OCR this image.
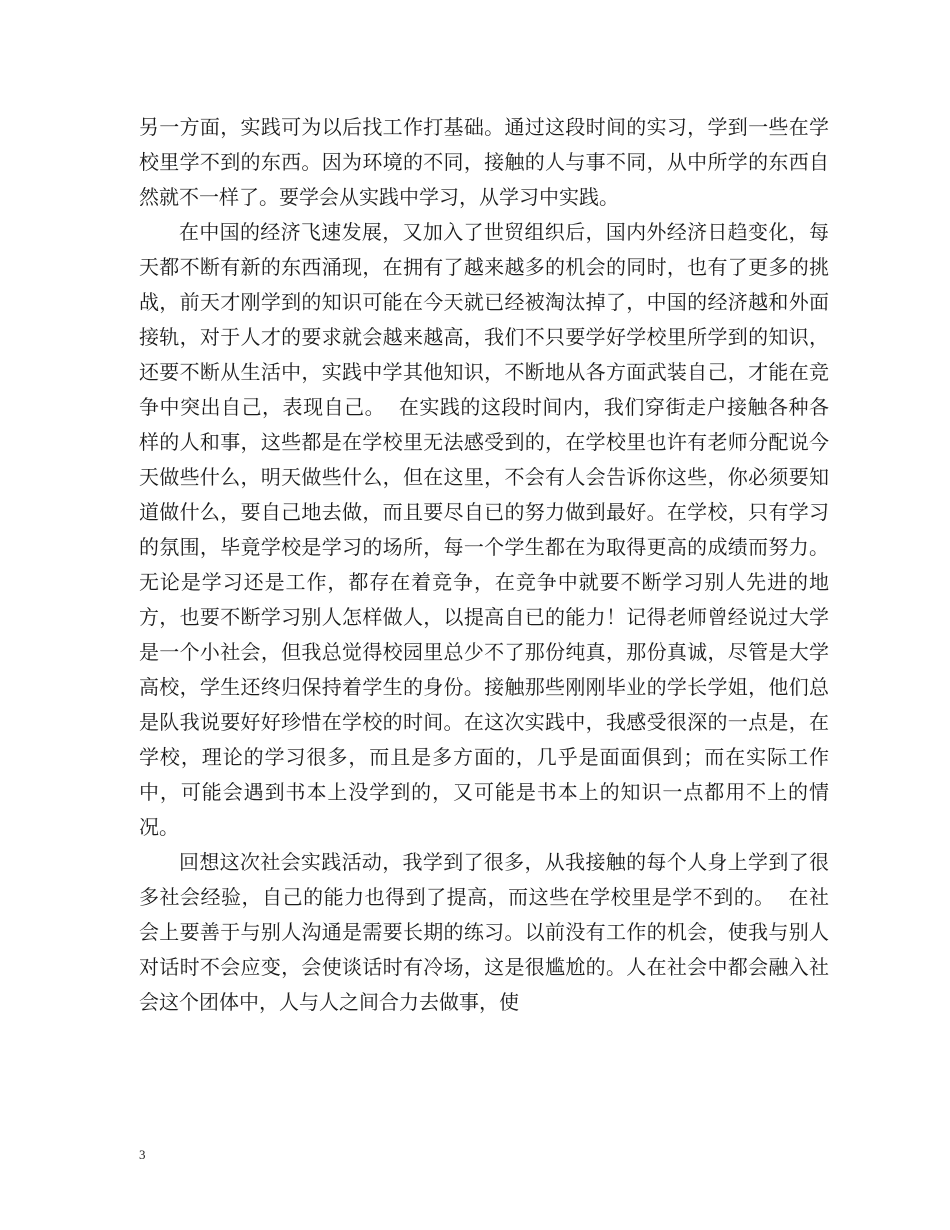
另一方面，实践可为以后找工作打基础。通过这段时间的实习，学到一些在学校里学不到的东西。因为环境的不同，接触的人与事不同，从中所学的东西自然就不一样了。要学会从实践中学习，从学习中实践。

在中国的经济飞速发展，又加入了世贸组织后，国内外经济日趋变化，每天都不断有新的东西涌现，在拥有了越来越多的机会的同时，也有了更多的挑战，前天才刚学到的知识可能在今天就已经被淘汰掉了，中国的经济越和外面接轨，对于人才的要求就会越来越高，我们不只要学好学校里所学到的知识，还要不断从生活中，实践中学其他知识，不断地从各方面武装自己，才能在竞争中突出自己，表现自己。  在实践的这段时间内，我们穿街走户接触各种各样的人和事，这些都是在学校里无法感受到的，在学校里也许有老师分配说今天做些什么，明天做些什么，但在这里，不会有人会告诉你这些，你必须要知道做什么，要自己地去做，而且要尽自已的努力做到最好。在学校，只有学习的氛围，毕竟学校是学习的场所，每一个学生都在为取得更高的成绩而努力。无论是学习还是工作，都存在着竞争，在竞争中就要不断学习别人先进的地方，也要不断学习别人怎样做人，以提高自已的能力！记得老师曾经说过大学是一个小社会，但我总觉得校园里总少不了那份纯真，那份真诚，尽管是大学高校，学生还终归保持着学生的身份。接触那些刚刚毕业的学长学姐，他们总是队我说要好好珍惜在学校的时间。在这次实践中，我感受很深的一点是，在学校，理论的学习很多，而且是多方面的，几乎是面面俱到；而在实际工作中，可能会遇到书本上没学到的，又可能是书本上的知识一点都用不上的情况。

回想这次社会实践活动，我学到了很多，从我接触的每个人身上学到了很多社会经验，自己的能力也得到了提高，而这些在学校里是学不到的。  在社会上要善于与别人沟通是需要长期的练习。以前没有工作的机会，使我与别人对话时不会应变，会使谈话时有冷场，这是很尴尬的。人在社会中都会融入社会这个团体中，人与人之间合力去做事，使

3
